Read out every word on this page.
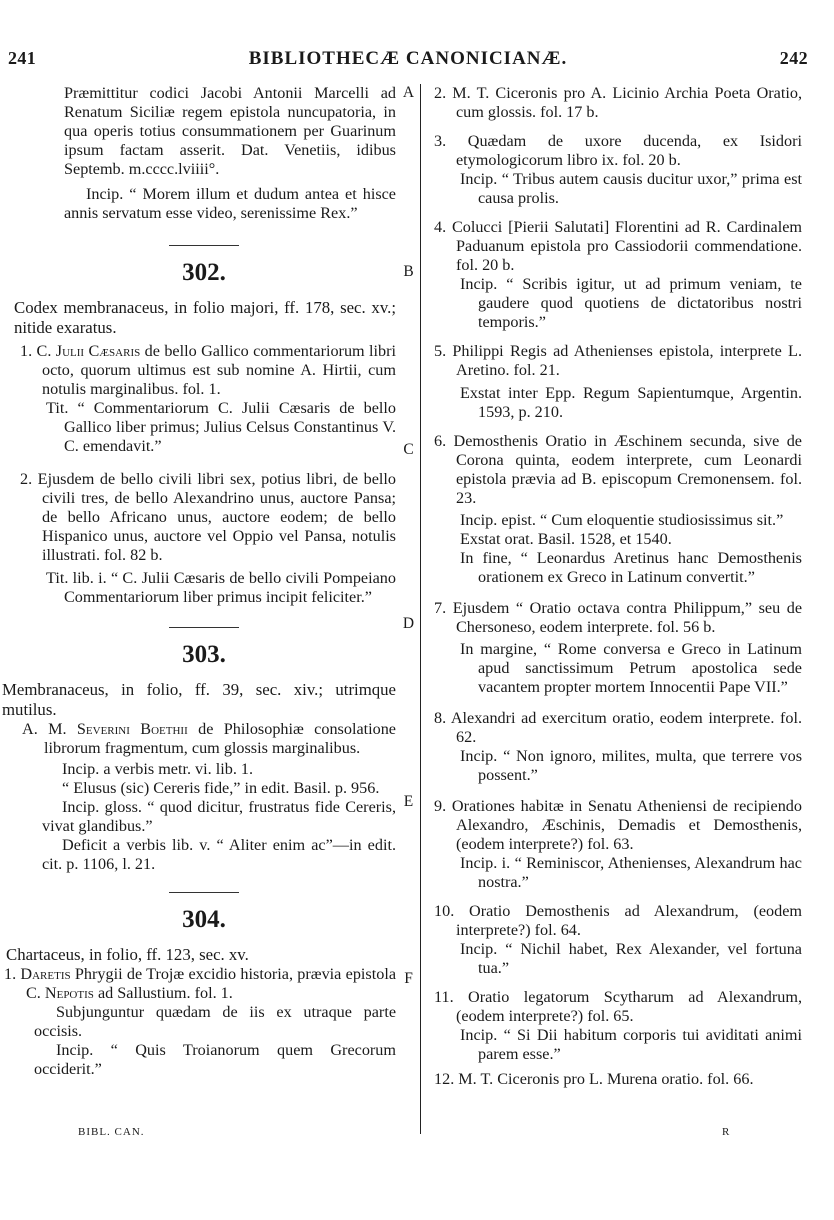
241	BIBLIOTHECÆ CANONICIANÆ.	242
A
B
C
D
E
F

Præmittitur codici Jacobi Antonii Marcelli ad Renatum Siciliæ regem epistola nuncupatoria, in qua operis totius consummationem per Guarinum ipsum factam asserit. Dat. Venetiis, idibus Septemb. m.cccc.lviiii°.

Incip. “ Morem illum et dudum antea et hisce annis servatum esse video, serenissime Rex.”

302.

Codex membranaceus, in folio majori, ff. 178, sec. xv.; nitide exaratus.

1. C. Julii Cæsaris de bello Gallico commentariorum libri octo, quorum ultimus est sub nomine A. Hirtii, cum notulis marginalibus. fol. 1.

Tit. “ Commentariorum C. Julii Cæsaris de bello Gallico liber primus; Julius Celsus Constantinus V. C. emendavit.”

2. Ejusdem de bello civili libri sex, potius libri, de bello civili tres, de bello Alexandrino unus, auctore Pansa; de bello Africano unus, auctore eodem; de bello Hispanico unus, auctore vel Oppio vel Pansa, notulis illustrati. fol. 82 b.

Tit. lib. i. “ C. Julii Cæsaris de bello civili Pompeiano Commentariorum liber primus incipit feliciter.”

303.

Membranaceus, in folio, ff. 39, sec. xiv.; utrimque mutilus.

A. M. Severini Boethii de Philosophiæ consolatione librorum fragmentum, cum glossis marginalibus.

Incip. a verbis metr. vi. lib. 1.

“ Elusus (sic) Cereris fide,” in edit. Basil. p. 956.

Incip. gloss. “ quod dicitur, frustratus fide Cereris, vivat glandibus.”

Deficit a verbis lib. v. “ Aliter enim ac”—in edit. cit. p. 1106, l. 21.

304.

Chartaceus, in folio, ff. 123, sec. xv.

1. Daretis Phrygii de Trojæ excidio historia, prævia epistola C. Nepotis ad Sallustium. fol. 1.

Subjunguntur quædam de iis ex utraque parte occisis.

Incip. “ Quis Troianorum quem Grecorum occiderit.”

BIBL. CAN.	R

2. M. T. Ciceronis pro A. Licinio Archia Poeta Oratio, cum glossis. fol. 17 b.

3. Quædam de uxore ducenda, ex Isidori etymologicorum libro ix. fol. 20 b.

Incip. “ Tribus autem causis ducitur uxor,” prima est causa prolis.

4. Colucci [Pierii Salutati] Florentini ad R. Cardinalem Paduanum epistola pro Cassiodorii commendatione. fol. 20 b.

Incip. “ Scribis igitur, ut ad primum veniam, te gaudere quod quotiens de dictatoribus nostri temporis.”

5. Philippi Regis ad Athenienses epistola, interprete L. Aretino. fol. 21.

Exstat inter Epp. Regum Sapientumque, Argentin. 1593, p. 210.

6. Demosthenis Oratio in Æschinem secunda, sive de Corona quinta, eodem interprete, cum Leonardi epistola prævia ad B. episcopum Cremonensem. fol. 23.

Incip. epist. “ Cum eloquentie studiosissimus sit.”

Exstat orat. Basil. 1528, et 1540.

In fine, “ Leonardus Aretinus hanc Demosthenis orationem ex Greco in Latinum convertit.”

7. Ejusdem “ Oratio octava contra Philippum,” seu de Chersoneso, eodem interprete. fol. 56 b.

In margine, “ Rome conversa e Greco in Latinum apud sanctissimum Petrum apostolica sede vacantem propter mortem Innocentii Pape VII.”

8. Alexandri ad exercitum oratio, eodem interprete. fol. 62.

Incip. “ Non ignoro, milites, multa, que terrere vos possent.”

9. Orationes habitæ in Senatu Atheniensi de recipiendo Alexandro, Æschinis, Demadis et Demosthenis, (eodem interprete?) fol. 63.

Incip. i. “ Reminiscor, Athenienses, Alexandrum hac nostra.”

10. Oratio Demosthenis ad Alexandrum, (eodem interprete?) fol. 64.

Incip. “ Nichil habet, Rex Alexander, vel fortuna tua.”

11. Oratio legatorum Scytharum ad Alexandrum, (eodem interprete?) fol. 65.

Incip. “ Si Dii habitum corporis tui aviditati animi parem esse.”

12. M. T. Ciceronis pro L. Murena oratio. fol. 66.
